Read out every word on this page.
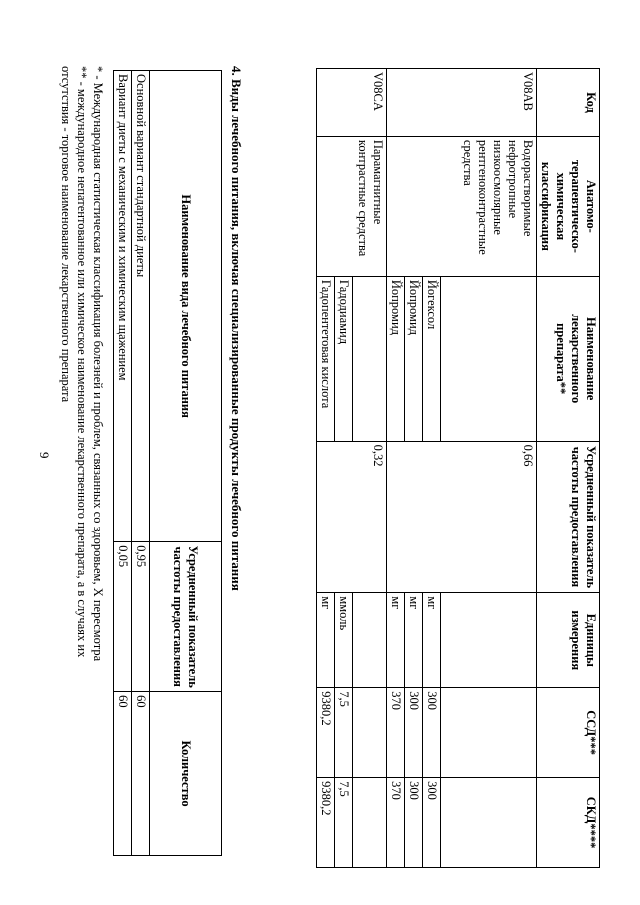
9
Код	Анатомо-терапевтическо-химическая классификация	Наименование лекарственного препарата**	Усредненный показатель частоты предоставления	Единицы измерения	ССД***	СКД****
V08AB	Водорастворимые нефротропные низкоосмолярные рентгеноконтрастные средства		0,66			
		Йогексол		мг	300	300
		Йопромид		мг	300	300
		Йопромид		мг	370	370
V08CA	Парамагнитные контрастные средства		0,32			
		Гадодиамид		ммоль	7,5	7,5
		Гадопентетовая кислота		мг	9380,2	9380,2
4. Виды лечебного питания, включая специализированные продукты лечебного питания
Наименование вида лечебного питания	Усредненный показатель частоты предоставления	Количество
Основной вариант стандартной диеты	0,95	60
Вариант диеты с механическим и химическим щажением	0,05	60
* - Международная статистическая классификация болезней и проблем, связанных со здоровьем, X пересмотра
** - международное непатентованное или химическое наименование лекарственного препарата, а в случаях их
отсутствия - торговое наименование лекарственного препарата
